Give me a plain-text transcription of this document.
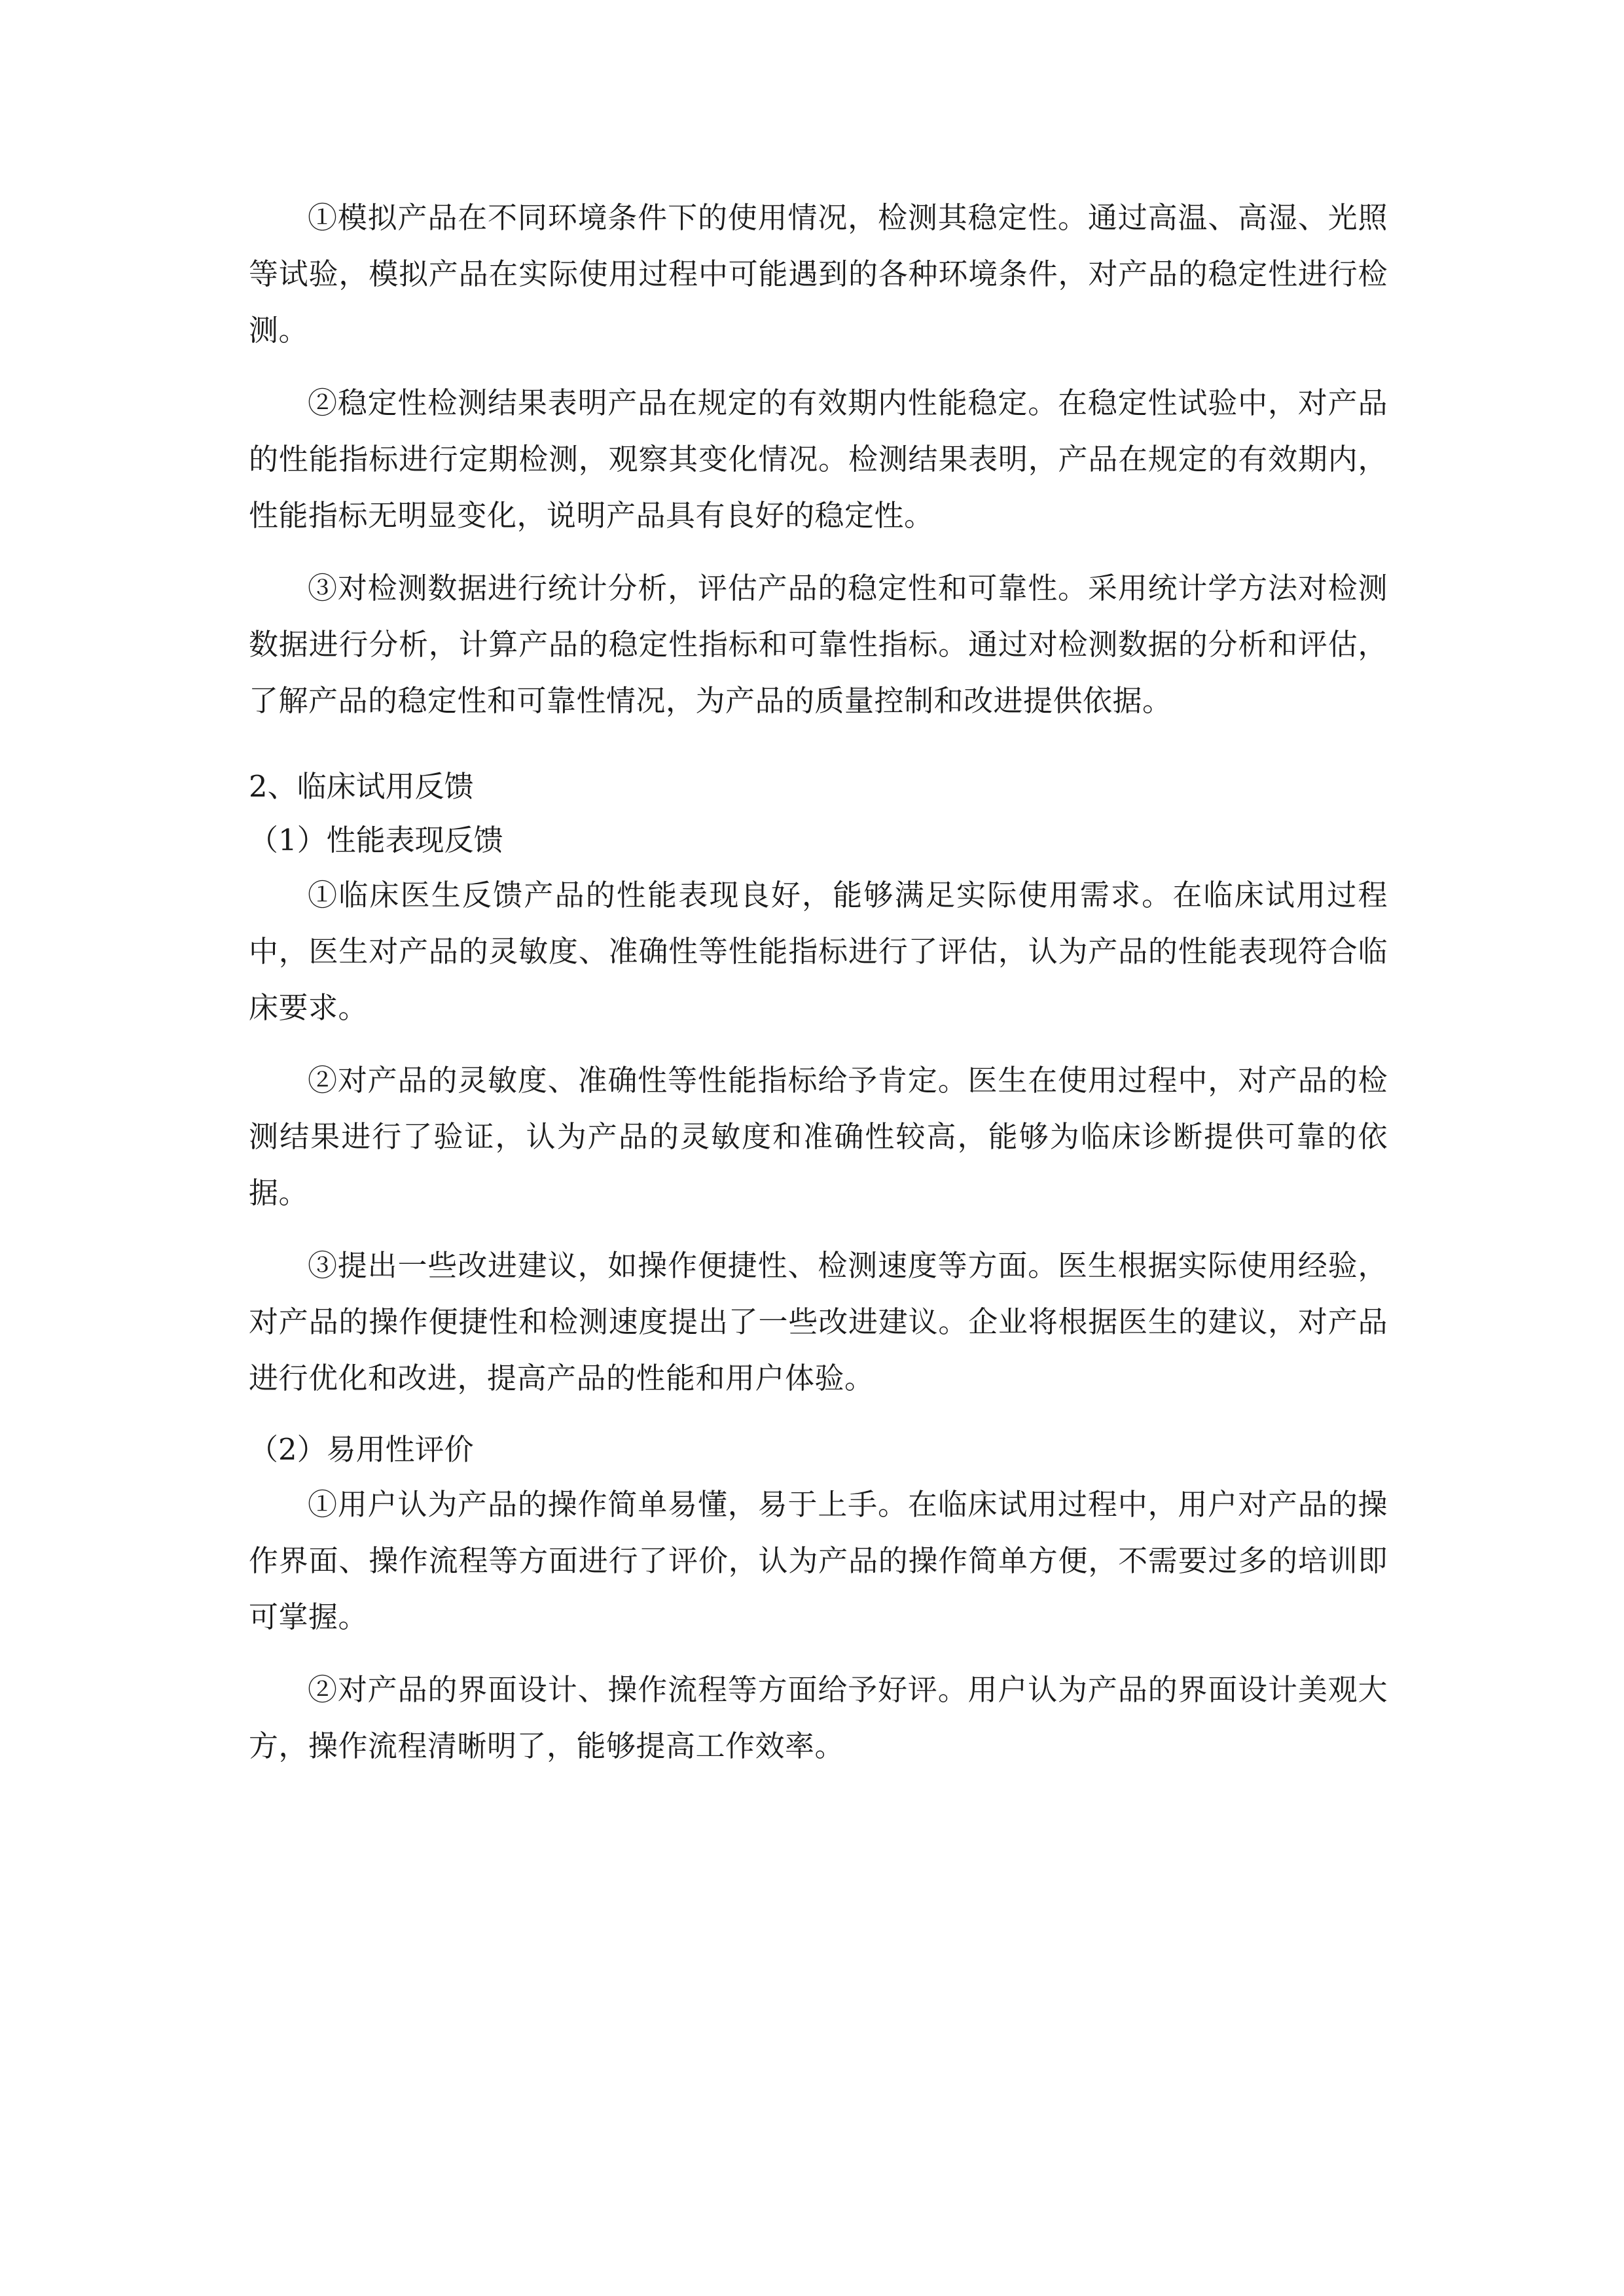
①模拟产品在不同环境条件下的使用情况，检测其稳定性。通过高温、高湿、光照等试验，模拟产品在实际使用过程中可能遇到的各种环境条件，对产品的稳定性进行检测。

②稳定性检测结果表明产品在规定的有效期内性能稳定。在稳定性试验中，对产品的性能指标进行定期检测，观察其变化情况。检测结果表明，产品在规定的有效期内，性能指标无明显变化，说明产品具有良好的稳定性。

③对检测数据进行统计分析，评估产品的稳定性和可靠性。采用统计学方法对检测数据进行分析，计算产品的稳定性指标和可靠性指标。通过对检测数据的分析和评估，了解产品的稳定性和可靠性情况，为产品的质量控制和改进提供依据。

2、临床试用反馈

（1）性能表现反馈

①临床医生反馈产品的性能表现良好，能够满足实际使用需求。在临床试用过程中，医生对产品的灵敏度、准确性等性能指标进行了评估，认为产品的性能表现符合临床要求。

②对产品的灵敏度、准确性等性能指标给予肯定。医生在使用过程中，对产品的检测结果进行了验证，认为产品的灵敏度和准确性较高，能够为临床诊断提供可靠的依据。

③提出一些改进建议，如操作便捷性、检测速度等方面。医生根据实际使用经验，对产品的操作便捷性和检测速度提出了一些改进建议。企业将根据医生的建议，对产品进行优化和改进，提高产品的性能和用户体验。

（2）易用性评价

①用户认为产品的操作简单易懂，易于上手。在临床试用过程中，用户对产品的操作界面、操作流程等方面进行了评价，认为产品的操作简单方便，不需要过多的培训即可掌握。

②对产品的界面设计、操作流程等方面给予好评。用户认为产品的界面设计美观大方，操作流程清晰明了，能够提高工作效率。
